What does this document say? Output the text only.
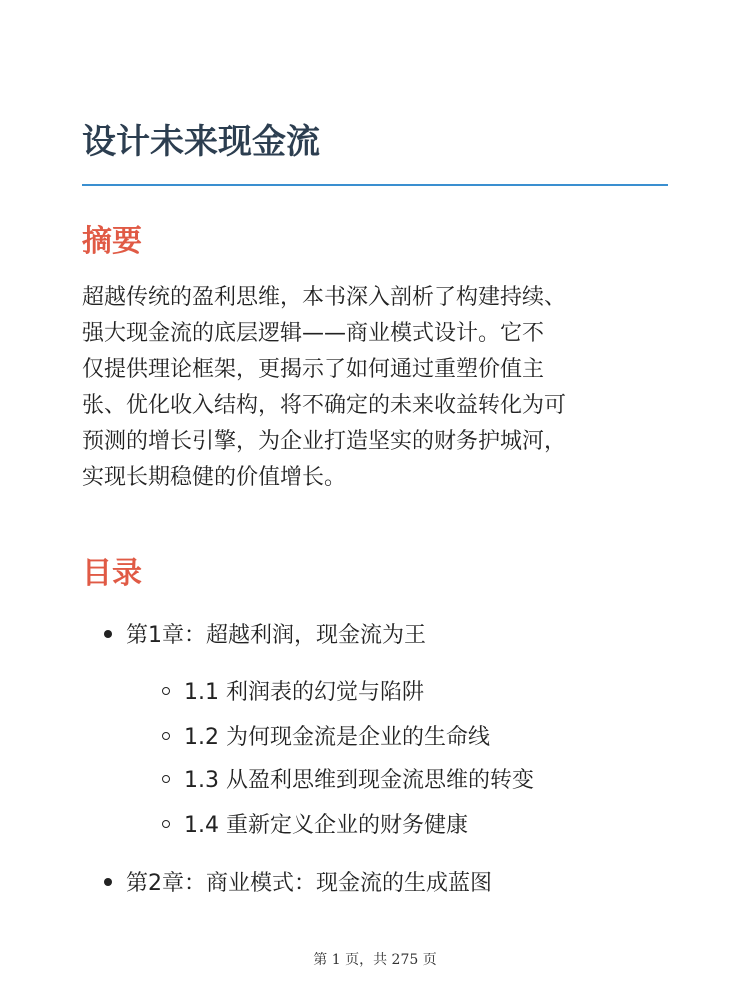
设计未来现金流
摘要

超越传统的盈利思维，本书深入剖析了构建持续、
强大现金流的底层逻辑——商业模式设计。它不
仅提供理论框架，更揭示了如何通过重塑价值主
张、优化收入结构，将不确定的未来收益转化为可
预测的增长引擎，为企业打造坚实的财务护城河，
实现长期稳健的价值增长。

目录
第1章：超越利润，现金流为王
1.1 利润表的幻觉与陷阱
1.2 为何现金流是企业的生命线
1.3 从盈利思维到现金流思维的转变
1.4 重新定义企业的财务健康
第2章：商业模式：现金流的生成蓝图
第 1 页，共 275 页
